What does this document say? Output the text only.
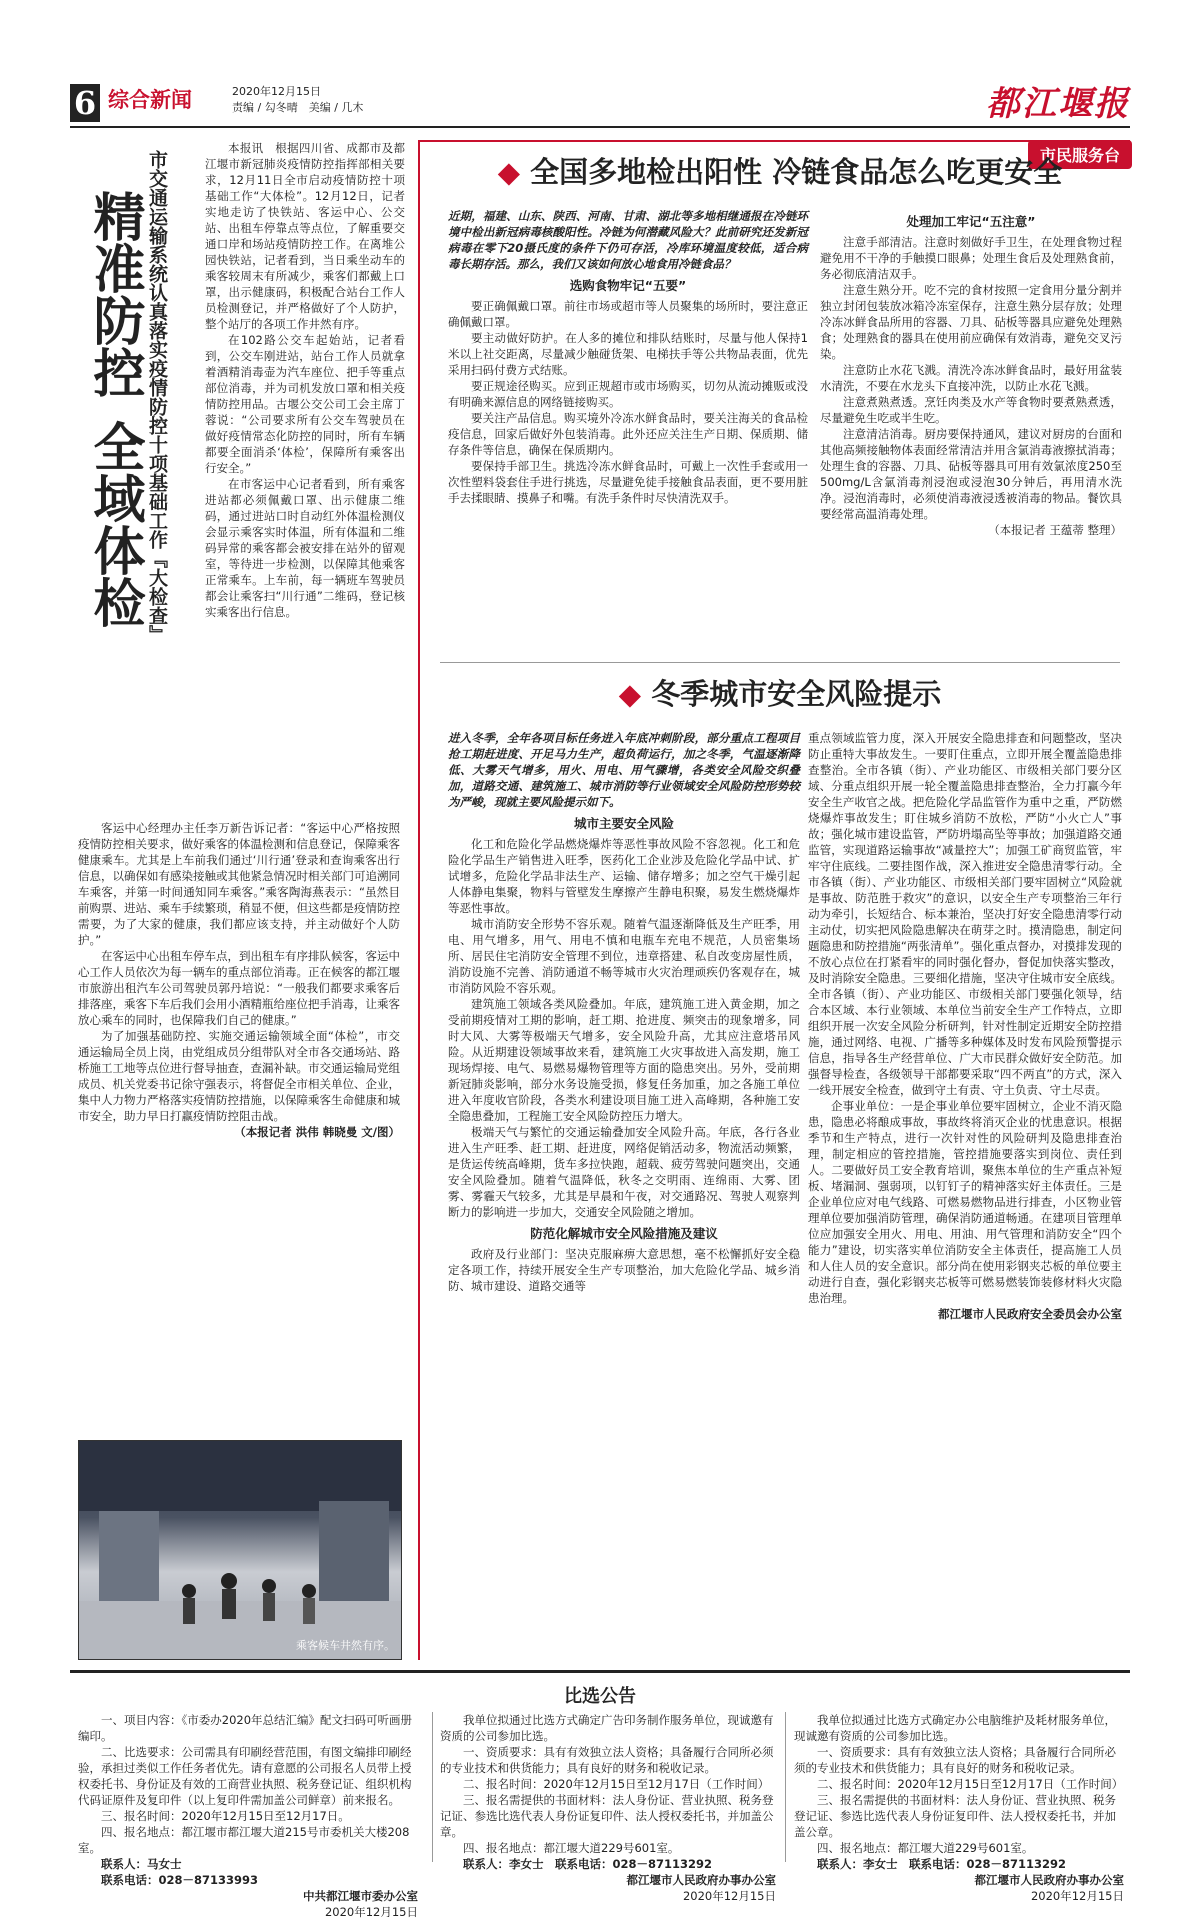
6 综合新闻	2020年12月15日
责编 / 勾冬晴　美编 / 几木	都江堰报
市民服务台
精准防控
全域体检 市交通运输系统认真落实疫情防控十项基础工作『大检查』

本报讯　根据四川省、成都市及都江堰市新冠肺炎疫情防控指挥部相关要求，12月11日全市启动疫情防控十项基础工作“大体检”。12月12日，记者实地走访了快铁站、客运中心、公交站、出租车停靠点等点位，了解重要交通口岸和场站疫情防控工作。在离堆公园快铁站，记者看到，当日乘坐动车的乘客较周末有所减少，乘客们都戴上口罩，出示健康码，积极配合站台工作人员检测登记，并严格做好了个人防护，整个站厅的各项工作井然有序。

在102路公交车起始站，记者看到，公交车刚进站，站台工作人员就拿着酒精消毒壶为汽车座位、把手等重点部位消毒，并为司机发放口罩和相关疫情防控用品。古堰公交公司工会主席丁蓉说：“公司要求所有公交车驾驶员在做好疫情常态化防控的同时，所有车辆都要全面消杀‘体检’，保障所有乘客出行安全。”

在市客运中心记者看到，所有乘客进站都必须佩戴口罩、出示健康二维码，通过进站口时自动红外体温检测仪会显示乘客实时体温，所有体温和二维码异常的乘客都会被安排在站外的留观室，等待进一步检测，以保障其他乘客正常乘车。上车前，每一辆班车驾驶员都会让乘客扫“川行通”二维码，登记核实乘客出行信息。

客运中心经理办主任李万新告诉记者：“客运中心严格按照疫情防控相关要求，做好乘客的体温检测和信息登记，保障乘客健康乘车。尤其是上车前我们通过‘川行通’登录和查询乘客出行信息，以确保如有感染接触或其他紧急情况时相关部门可追溯同车乘客，并第一时间通知同车乘客。”乘客陶海燕表示：“虽然目前购票、进站、乘车手续繁琐，稍显不便，但这些都是疫情防控需要，为了大家的健康，我们都应该支持，并主动做好个人防护。”

在客运中心出租车停车点，到出租车有序排队候客，客运中心工作人员依次为每一辆车的重点部位消毒。正在候客的都江堰市旅游出租汽车公司驾驶员郭丹培说：“一般我们都要求乘客后排落座，乘客下车后我们会用小酒精瓶给座位把手消毒，让乘客放心乘车的同时，也保障我们自己的健康。”

为了加强基础防控、实施交通运输领域全面“体检”，市交通运输局全员上岗，由党组成员分组带队对全市各交通场站、路桥施工工地等点位进行督导抽查，查漏补缺。市交通运输局党组成员、机关党委书记徐守强表示，将督促全市相关单位、企业，集中人力物力严格落实疫情防控措施，以保障乘客生命健康和城市安全，助力早日打赢疫情防控阻击战。

（本报记者 洪伟 韩晓曼 文/图）
乘客候车井然有序。
◆ 全国多地检出阳性 冷链食品怎么吃更安全
近期，福建、山东、陕西、河南、甘肃、湖北等多地相继通报在冷链环境中检出新冠病毒核酸阳性。冷链为何潜藏风险大？此前研究还发新冠病毒在零下20摄氏度的条件下仍可存活，冷库环境温度较低，适合病毒长期存活。那么，我们又该如何放心地食用冷链食品？
选购食物牢记“五要”

要正确佩戴口罩。前往市场或超市等人员聚集的场所时，要注意正确佩戴口罩。

要主动做好防护。在人多的摊位和排队结账时，尽量与他人保持1米以上社交距离，尽量减少触碰货架、电梯扶手等公共物品表面，优先采用扫码付费方式结账。

要正规途径购买。应到正规超市或市场购买，切勿从流动摊贩或没有明确来源信息的网络链接购买。

要关注产品信息。购买境外冷冻水鲜食品时，要关注海关的食品检疫信息，回家后做好外包装消毒。此外还应关注生产日期、保质期、储存条件等信息，确保在保质期内。

要保持手部卫生。挑选冷冻水鲜食品时，可戴上一次性手套或用一次性塑料袋套住手进行挑选，尽量避免徒手接触食品表面，更不要用脏手去揉眼睛、摸鼻子和嘴。有洗手条件时尽快清洗双手。

处理加工牢记“五注意”

注意手部清洁。注意时刻做好手卫生，在处理食物过程避免用不干净的手触摸口眼鼻；处理生食后及处理熟食前，务必彻底清洁双手。

注意生熟分开。吃不完的食材按照一定食用分量分割并独立封闭包装放冰箱冷冻室保存，注意生熟分层存放；处理冷冻冰鲜食品所用的容器、刀具、砧板等器具应避免处理熟食；处理熟食的器具在使用前应确保有效消毒，避免交叉污染。

注意防止水花飞溅。清洗冷冻冰鲜食品时，最好用盆装水清洗，不要在水龙头下直接冲洗，以防止水花飞溅。

注意煮熟煮透。烹饪肉类及水产等食物时要煮熟煮透，尽量避免生吃或半生吃。

注意清洁消毒。厨房要保持通风，建议对厨房的台面和其他高频接触物体表面经常清洁并用含氯消毒液擦拭消毒；处理生食的容器、刀具、砧板等器具可用有效氯浓度250至500mg/L含氯消毒剂浸泡或浸泡30分钟后，再用清水洗净。浸泡消毒时，必须使消毒液浸透被消毒的物品。餐饮具要经常高温消毒处理。

（本报记者 王蕴蒂 整理）
◆ 冬季城市安全风险提示
进入冬季，全年各项目标任务进入年底冲刺阶段，部分重点工程项目抢工期赶进度、开足马力生产，超负荷运行，加之冬季，气温逐渐降低、大雾天气增多，用火、用电、用气骤增，各类安全风险交织叠加，道路交通、建筑施工、城市消防等行业领域安全风险防控形势较为严峻，现就主要风险提示如下。
城市主要安全风险

化工和危险化学品燃烧爆炸等恶性事故风险不容忽视。化工和危险化学品生产销售进入旺季，医药化工企业涉及危险化学品中试、扩试增多，危险化学品非法生产、运输、储存增多；加之空气干燥引起人体静电集聚，物料与管壁发生摩擦产生静电积聚，易发生燃烧爆炸等恶性事故。

城市消防安全形势不容乐观。随着气温逐渐降低及生产旺季，用电、用气增多，用气、用电不慎和电瓶车充电不规范，人员密集场所、居民住宅消防安全管理不到位，违章搭建、私自改变房屋性质，消防设施不完善、消防通道不畅等城市火灾治理顽疾仍客观存在，城市消防风险不容乐观。

建筑施工领域各类风险叠加。年底，建筑施工进入黄金期，加之受前期疫情对工期的影响，赶工期、抢进度、频突击的现象增多，同时大风、大雾等极端天气增多，安全风险升高，尤其应注意塔吊风险。从近期建设领域事故来看，建筑施工火灾事故进入高发期，施工现场焊接、电气、易燃易爆物管理等方面的隐患突出。另外，受前期新冠肺炎影响，部分水务设施受损，修复任务加重，加之各施工单位进入年度收官阶段，各类水利建设项目施工进入高峰期，各种施工安全隐患叠加，工程施工安全风险防控压力增大。

极端天气与繁忙的交通运输叠加安全风险升高。年底，各行各业进入生产旺季、赶工期、赶进度，网络促销活动多，物流活动频繁，是货运传统高峰期，货车多拉快跑，超载、疲劳驾驶问题突出，交通安全风险叠加。随着气温降低，秋冬之交明雨、连绵雨、大雾、团雾、雾霾天气较多，尤其是早晨和午夜，对交通路况、驾驶人观察判断力的影响进一步加大，交通安全风险随之增加。

防范化解城市安全风险措施及建议

政府及行业部门：坚决克服麻痹大意思想，毫不松懈抓好安全稳定各项工作，持续开展安全生产专项整治，加大危险化学品、城乡消防、城市建设、道路交通等

重点领域监管力度，深入开展安全隐患排查和问题整改，坚决防止重特大事故发生。一要盯住重点，立即开展全覆盖隐患排查整治。全市各镇（街）、产业功能区、市级相关部门要分区域、分重点组织开展一轮全覆盖隐患排查整治，全力打赢今年安全生产收官之战。把危险化学品监管作为重中之重，严防燃烧爆炸事故发生；盯住城乡消防不放松，严防“小火亡人”事故；强化城市建设监管，严防坍塌高坠等事故；加强道路交通监管，实现道路运输事故“减量控大”；加强工矿商贸监管，牢牢守住底线。二要挂图作战，深入推进安全隐患清零行动。全市各镇（街）、产业功能区、市级相关部门要牢固树立“风险就是事故、防范胜于救灾”的意识，以安全生产专项整治三年行动为牵引，长短结合、标本兼治，坚决打好安全隐患清零行动主动仗，切实把风险隐患解决在萌芽之时。摸清隐患，制定问题隐患和防控措施“两张清单”。强化重点督办，对摸排发现的不放心点位在打紧看牢的同时强化督办，督促加快落实整改，及时消除安全隐患。三要细化措施，坚决守住城市安全底线。全市各镇（街）、产业功能区、市级相关部门要强化领导，结合本区域、本行业领域、本单位当前安全生产工作特点，立即组织开展一次安全风险分析研判，针对性制定近期安全防控措施，通过网络、电视、广播等多种媒体及时发布风险预警提示信息，指导各生产经营单位、广大市民群众做好安全防范。加强督导检查，各级领导干部都要采取“四不两直”的方式，深入一线开展安全检查，做到守土有责、守土负责、守土尽责。

企事业单位：一是企事业单位要牢固树立，企业不消灭隐患，隐患必将酿成事故，事故终将消灭企业的忧患意识。根据季节和生产特点，进行一次针对性的风险研判及隐患排查治理，制定相应的管控措施，管控措施要落实到岗位、责任到人。二要做好员工安全教育培训，聚焦本单位的生产重点补短板、堵漏洞、强弱项，以钉钉子的精神落实好主体责任。三是企业单位应对电气线路、可燃易燃物品进行排查，小区物业管理单位要加强消防管理，确保消防通道畅通。在建项目管理单位应加强安全用火、用电、用油、用气管理和消防安全“四个能力”建设，切实落实单位消防安全主体责任，提高施工人员和人住人员的安全意识。部分尚在使用彩钢夹芯板的单位要主动进行自查，强化彩钢夹芯板等可燃易燃装饰装修材料火灾隐患治理。

都江堰市人民政府安全委员会办公室
比选公告

一、项目内容：《市委办2020年总结汇编》配文扫码可听画册编印。

二、比选要求：公司需具有印刷经营范围，有图文编排印刷经验，承担过类似工作任务者优先。请有意愿的公司报名人员带上授权委托书、身份证及有效的工商营业执照、税务登记证、组织机构代码证原件及复印件（以上复印件需加盖公司鲜章）前来报名。

三、报名时间：2020年12月15日至12月17日。

四、报名地点：都江堰市都江堰大道215号市委机关大楼208室。

联系人：马女士

联系电话：028－87133993

中共都江堰市委办公室
2020年12月15日

我单位拟通过比选方式确定广告印务制作服务单位，现诚邀有资质的公司参加比选。

一、资质要求：具有有效独立法人资格；具备履行合同所必须的专业技术和供货能力；具有良好的财务和税收记录。

二、报名时间：2020年12月15日至12月17日（工作时间）

三、报名需提供的书面材料：法人身份证、营业执照、税务登记证、参选比选代表人身份证复印件、法人授权委托书，并加盖公章。

四、报名地点：都江堰大道229号601室。

联系人：李女士　联系电话：028－87113292

都江堰市人民政府办事办公室
2020年12月15日

我单位拟通过比选方式确定办公电脑维护及耗材服务单位，现诚邀有资质的公司参加比选。

一、资质要求：具有有效独立法人资格；具备履行合同所必须的专业技术和供货能力；具有良好的财务和税收记录。

二、报名时间：2020年12月15日至12月17日（工作时间）

三、报名需提供的书面材料：法人身份证、营业执照、税务登记证、参选比选代表人身份证复印件、法人授权委托书，并加盖公章。

四、报名地点：都江堰大道229号601室。

联系人：李女士　联系电话：028－87113292

都江堰市人民政府办事办公室
2020年12月15日
